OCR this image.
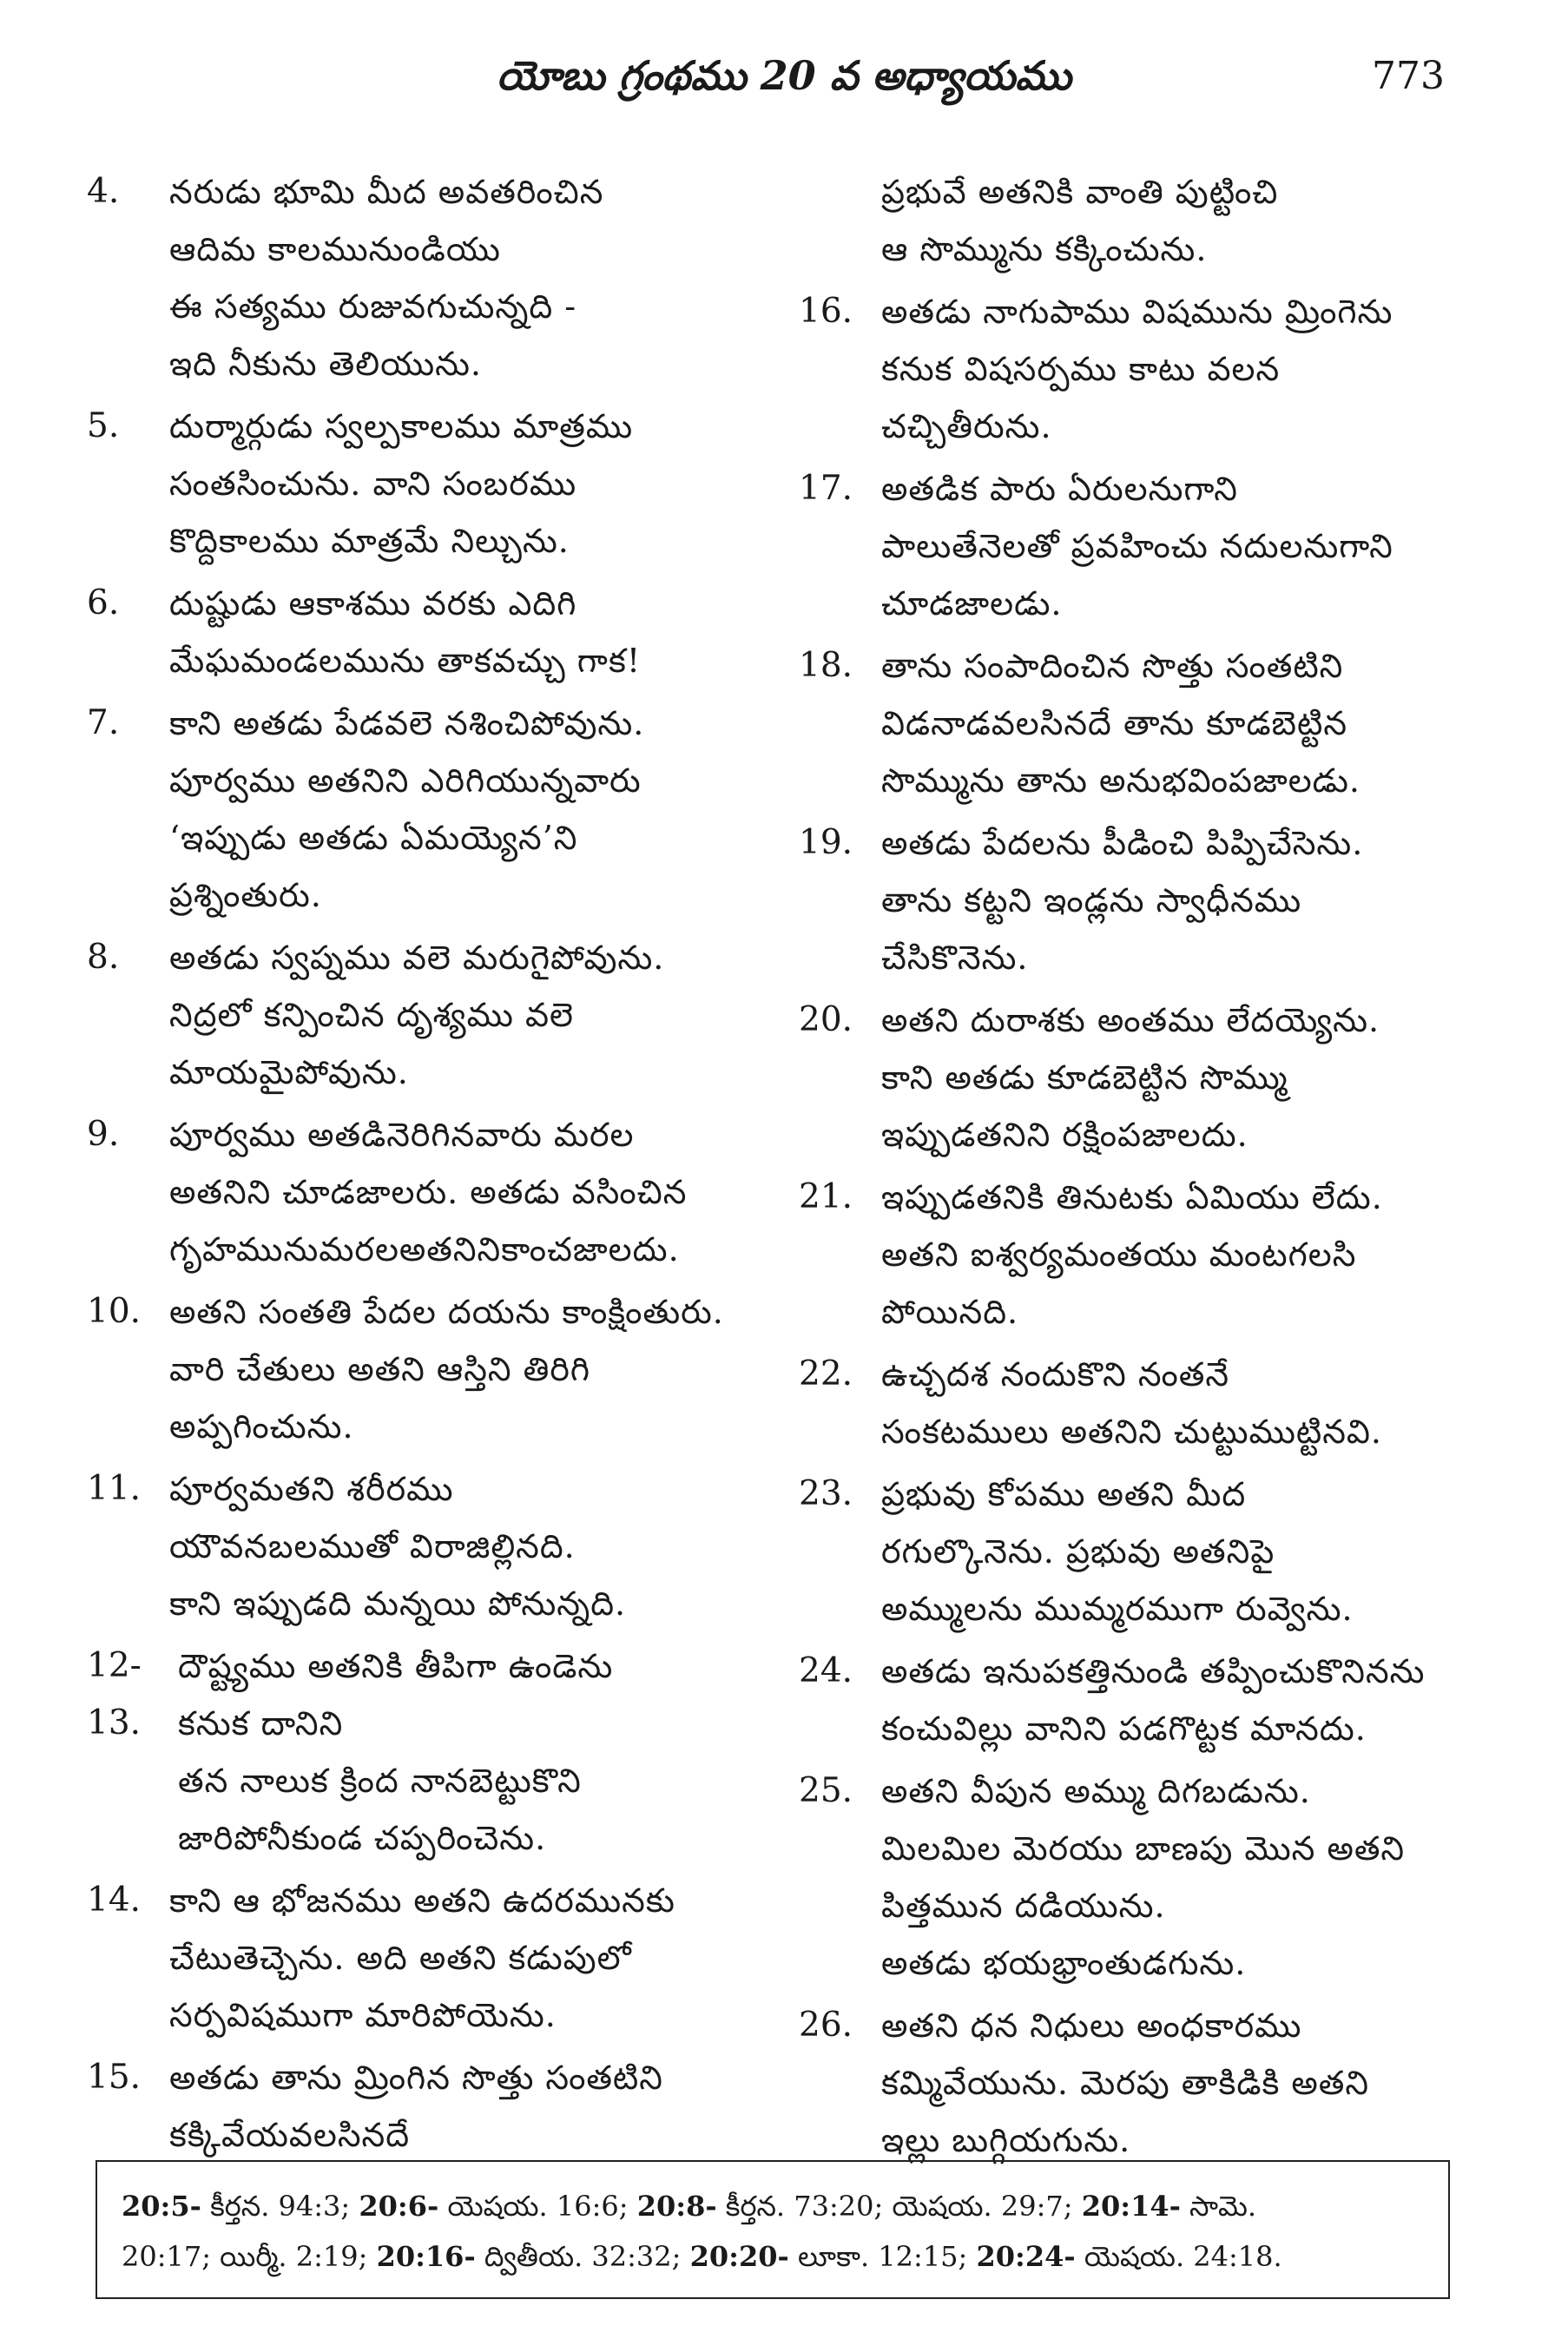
యోబు గ్రంథము 20 వ అధ్యాయము	773
4.	నరుడు భూమి మీద అవతరించిన
ఆదిమ కాలమునుండియు
ఈ సత్యము రుజువగుచున్నది -
ఇది నీకును తెలియును.
5.	దుర్మార్గుడు స్వల్పకాలము మాత్రము
సంతసించును. వాని సంబరము
కొద్దికాలము మాత్రమే నిల్చును.
6.	దుష్టుడు ఆకాశము వరకు ఎదిగి
మేఘమండలమును తాకవచ్చు గాక!
7.	కాని అతడు పేడవలె నశించిపోవును.
పూర్వము అతనిని ఎరిగియున్నవారు
‘ఇప్పుడు అతడు ఏమయ్యెన’ని
ప్రశ్నింతురు.
8.	అతడు స్వప్నము వలె మరుగైపోవును.
నిద్రలో కన్పించిన దృశ్యము వలె
మాయమైపోవును.
9.	పూర్వము అతడినెరిగినవారు మరల
అతనిని చూడజాలరు. అతడు వసించిన
గృహమునుమరలఅతనినికాంచజాలదు.
10. అతని సంతతి పేదల దయను కాంక్షింతురు.
వారి చేతులు అతని ఆస్తిని తిరిగి
అప్పగించును.
11. పూర్వమతని శరీరము
యౌవనబలముతో విరాజిల్లినది.
కాని ఇప్పుడది మన్నయి పోనున్నది.
12-13.
దౌష్ట్యము అతనికి తీపిగా ఉండెను
కనుక దానిని
తన నాలుక క్రింద నానబెట్టుకొని
జారిపోనీకుండ చప్పరించెను.
14. కాని ఆ భోజనము అతని ఉదరమునకు
చేటుతెచ్చెను. అది అతని కడుపులో
సర్పవిషముగా మారిపోయెను.
15. అతడు తాను మ్రింగిన సొత్తు సంతటిని
కక్కివేయవలసినదే
ప్రభువే అతనికి వాంతి పుట్టించి
ఆ సొమ్మును కక్కించును.
16. అతడు నాగుపాము విషమును మ్రింగెను
కనుక విషసర్పము కాటు వలన
చచ్చితీరును.
17. అతడిక పారు ఏరులనుగాని
పాలుతేనెలతో ప్రవహించు నదులనుగాని
చూడజాలడు.
18. తాను సంపాదించిన సొత్తు సంతటిని
విడనాడవలసినదే తాను కూడబెట్టిన
సొమ్మును తాను అనుభవింపజాలడు.
19. అతడు పేదలను పీడించి పిప్పిచేసెను.
తాను కట్టని ఇండ్లను స్వాధీనము
చేసికొనెను.
20. అతని దురాశకు అంతము లేదయ్యెను.
కాని అతడు కూడబెట్టిన సొమ్ము
ఇప్పుడతనిని రక్షింపజాలదు.
21. ఇప్పుడతనికి తినుటకు ఏమియు లేదు.
అతని ఐశ్వర్యమంతయు మంటగలసి
పోయినది.
22. ఉచ్చదశ నందుకొని నంతనే
సంకటములు అతనిని చుట్టుముట్టినవి.
23. ప్రభువు కోపము అతని మీద
రగుల్కొనెను. ప్రభువు అతనిపై
అమ్ములను ముమ్మరముగా రువ్వెను.
24. అతడు ఇనుపకత్తినుండి తప్పించుకొనినను
కంచువిల్లు వానిని పడగొట్టక మానదు.
25. అతని వీపున అమ్ము దిగబడును.
మిలమిల మెరయు బాణపు మొన అతని
పిత్తమున దడియును.
అతడు భయభ్రాంతుడగును.
26. అతని ధన నిధులు అంధకారము
కమ్మివేయును. మెరపు తాకిడికి అతని
ఇల్లు బుగ్గియగును.
20:5- కీర్తన. 94:3; 20:6- యెషయ. 16:6; 20:8- కీర్తన. 73:20; యెషయ. 29:7; 20:14- సామె.
20:17; యిర్మీ. 2:19; 20:16- ద్వితీయ. 32:32; 20:20- లూకా. 12:15; 20:24- యెషయ. 24:18.
